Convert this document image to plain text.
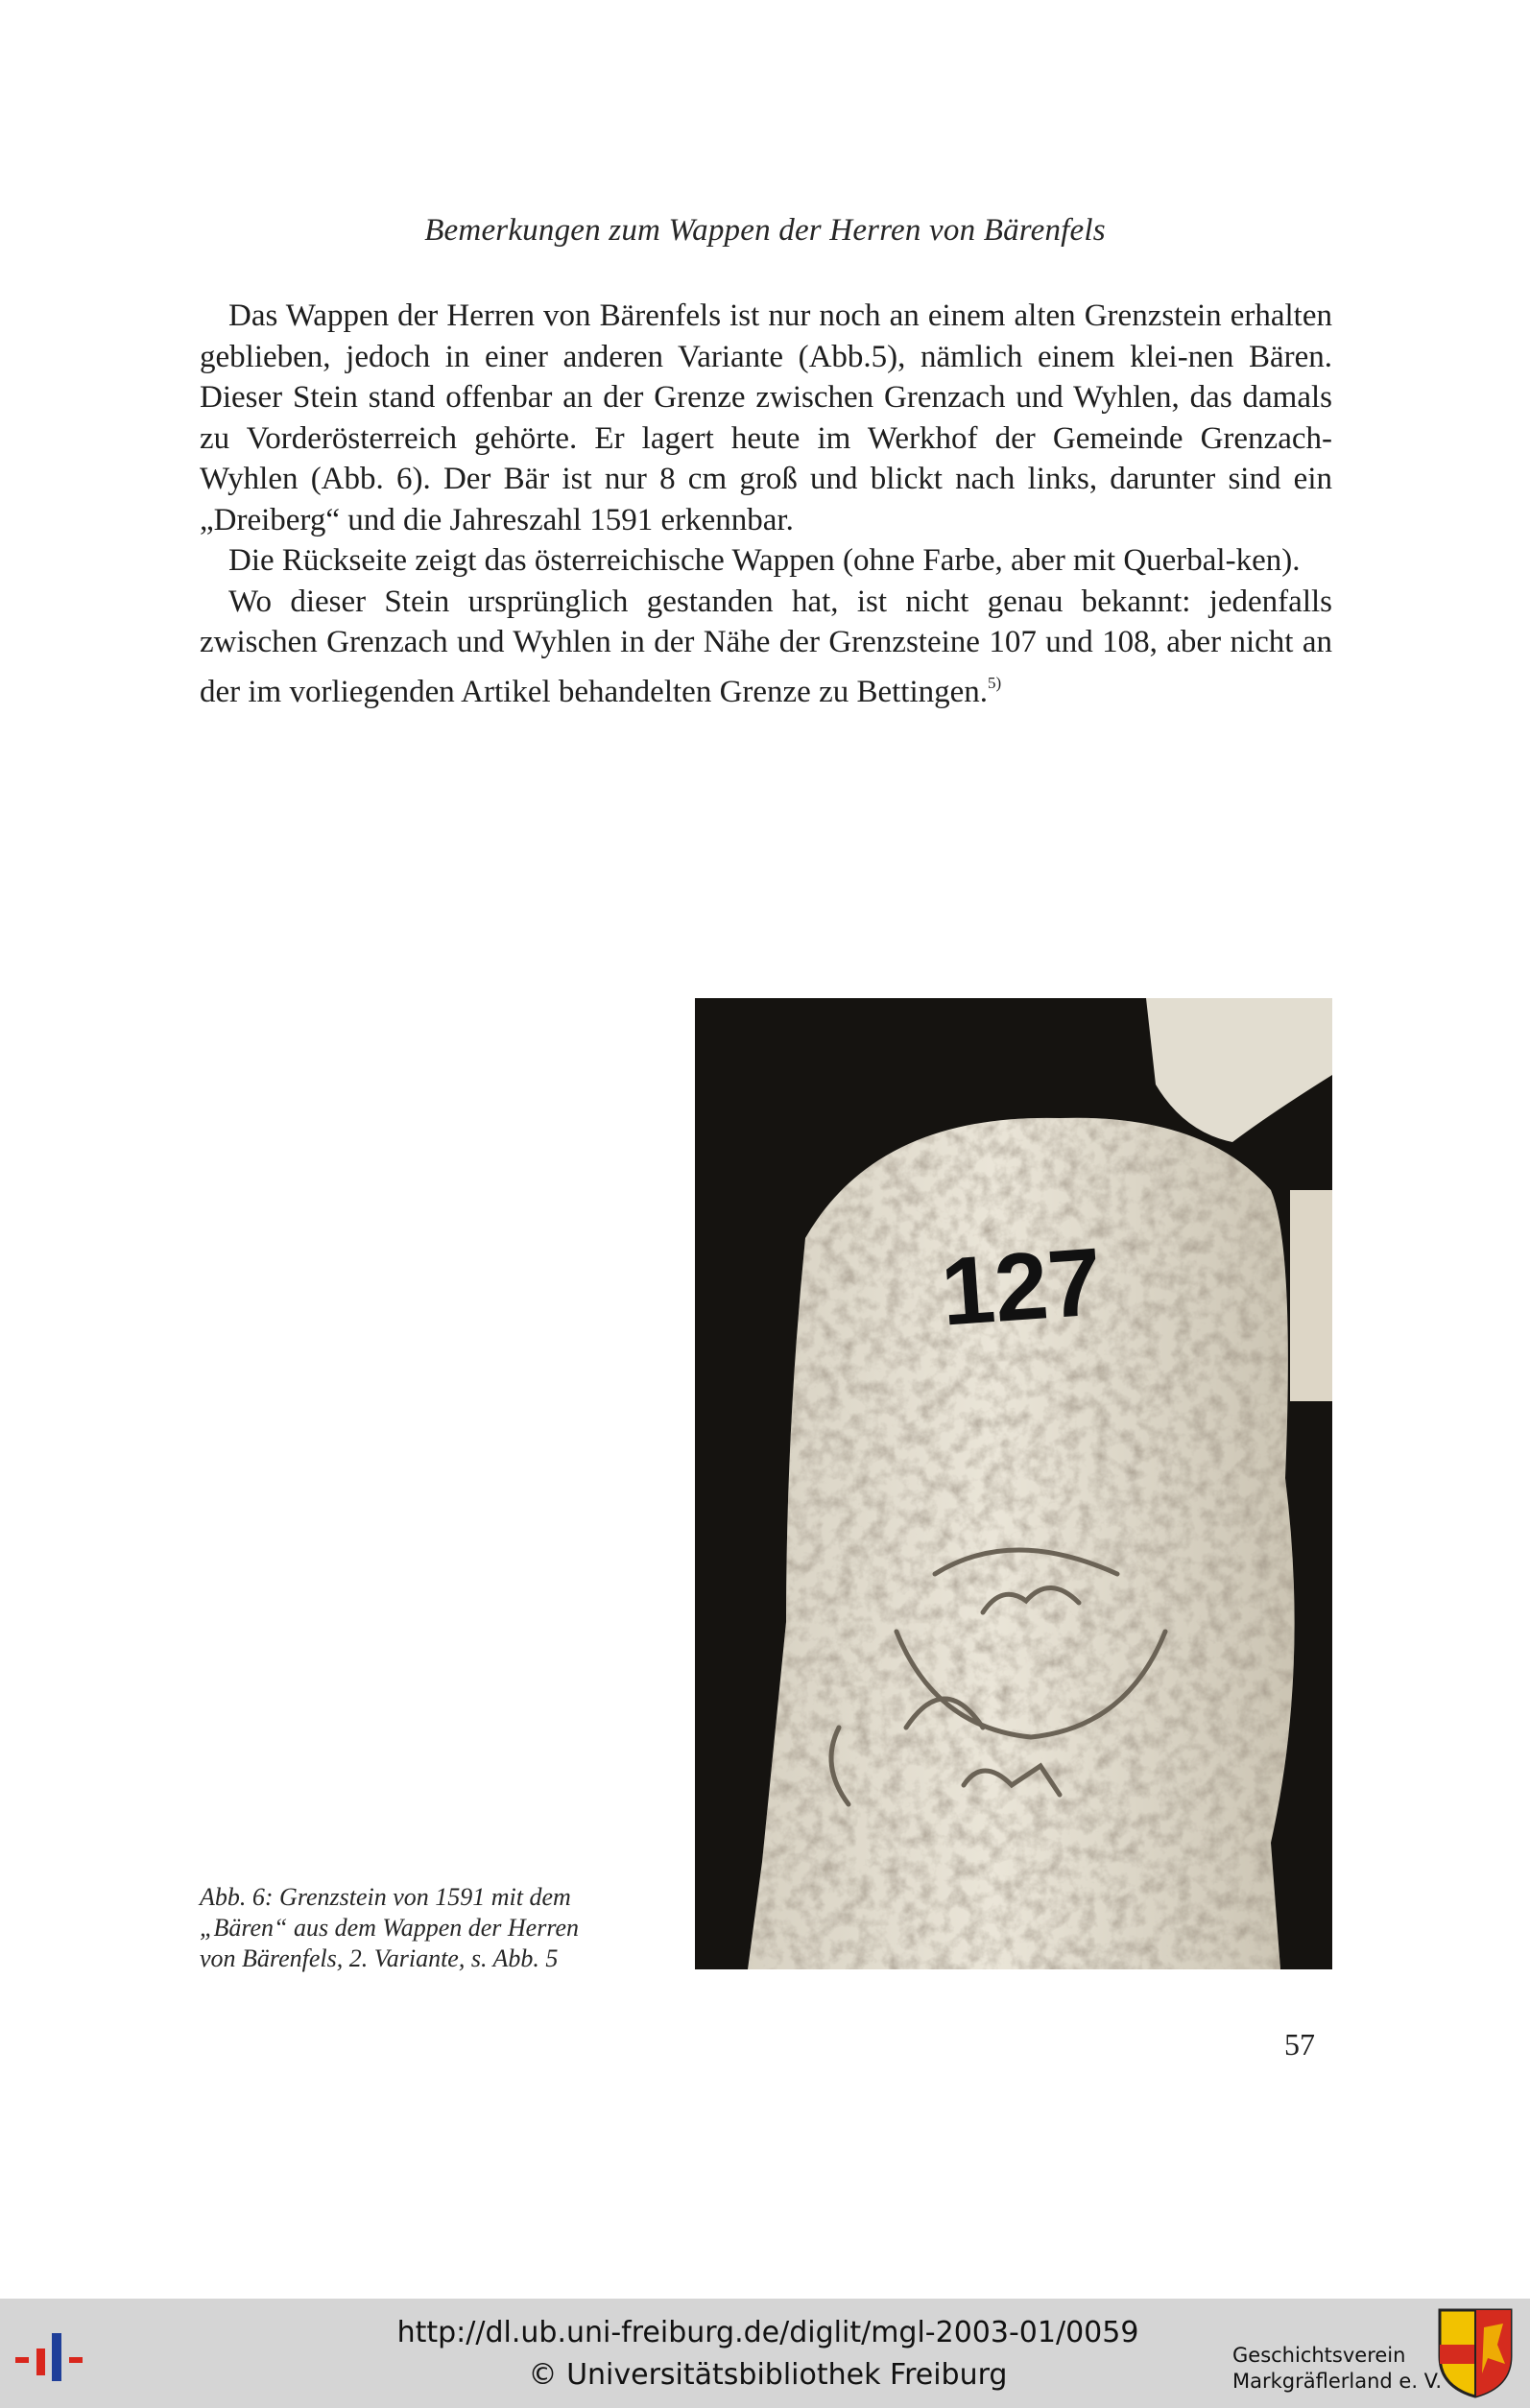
Bemerkungen zum Wappen der Herren von Bärenfels

Das Wappen der Herren von Bärenfels ist nur noch an einem alten Grenzstein erhalten geblieben, jedoch in einer anderen Variante (Abb.5), nämlich einem klei-nen Bären. Dieser Stein stand offenbar an der Grenze zwischen Grenzach und Wyhlen, das damals zu Vorderösterreich gehörte. Er lagert heute im Werkhof der Gemeinde Grenzach-Wyhlen (Abb. 6). Der Bär ist nur 8 cm groß und blickt nach links, darunter sind ein „Dreiberg“ und die Jahreszahl 1591 erkennbar.

Die Rückseite zeigt das österreichische Wappen (ohne Farbe, aber mit Querbal-ken).

Wo dieser Stein ursprünglich gestanden hat, ist nicht genau bekannt: jedenfalls zwischen Grenzach und Wyhlen in der Nähe der Grenzsteine 107 und 108, aber nicht an der im vorliegenden Artikel behandelten Grenze zu Bettingen.$^{5)}$

127
Abb. 6: Grenzstein von 1591 mit dem
„Bären“ aus dem Wappen der Herren
von Bärenfels, 2. Variante, s. Abb. 5
57
http://dl.ub.uni-freiburg.de/diglit/mgl-2003-01/0059
© Universitätsbibliothek Freiburg
Geschichtsverein
Markgräflerland e. V.
